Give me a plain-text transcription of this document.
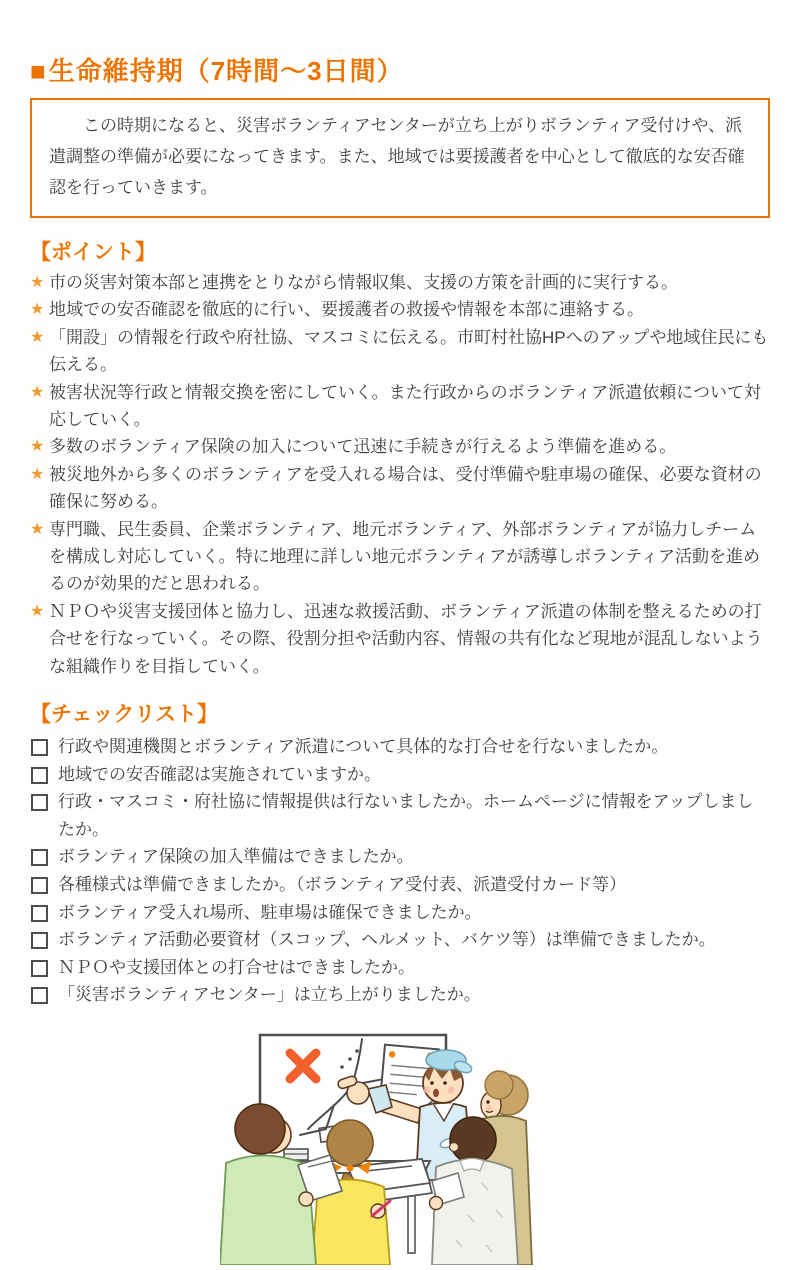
■生命維持期（7時間～3日間）

この時期になると、災害ボランティアセンターが立ち上がりボランティア受付けや、派遣調整の準備が必要になってきます。また、地域では要援護者を中心として徹底的な安否確認を行っていきます。

【ポイント】
★ 市の災害対策本部と連携をとりながら情報収集、支援の方策を計画的に実行する。
★ 地域での安否確認を徹底的に行い、要援護者の救援や情報を本部に連絡する。
★ 「開設」の情報を行政や府社協、マスコミに伝える。市町村社協HPへのアップや地域住民にも伝える。
★ 被害状況等行政と情報交換を密にしていく。また行政からのボランティア派遣依頼について対応していく。
★ 多数のボランティア保険の加入について迅速に手続きが行えるよう準備を進める。
★ 被災地外から多くのボランティアを受入れる場合は、受付準備や駐車場の確保、必要な資材の確保に努める。
★ 専門職、民生委員、企業ボランティア、地元ボランティア、外部ボランティアが協力しチームを構成し対応していく。特に地理に詳しい地元ボランティアが誘導しボランティア活動を進めるのが効果的だと思われる。
★ ＮＰＯや災害支援団体と協力し、迅速な救援活動、ボランティア派遣の体制を整えるための打合せを行なっていく。その際、役割分担や活動内容、情報の共有化など現地が混乱しないような組織作りを目指していく。
【チェックリスト】
行政や関連機関とボランティア派遣について具体的な打合せを行ないましたか。
地域での安否確認は実施されていますか。
行政・マスコミ・府社協に情報提供は行ないましたか。ホームページに情報をアップしましたか。
ボランティア保険の加入準備はできましたか。
各種様式は準備できましたか。（ボランティア受付表、派遣受付カード等）
ボランティア受入れ場所、駐車場は確保できましたか。
ボランティア活動必要資材（スコップ、ヘルメット、バケツ等）は準備できましたか。
ＮＰＯや支援団体との打合せはできましたか。
「災害ボランティアセンター」は立ち上がりましたか。
